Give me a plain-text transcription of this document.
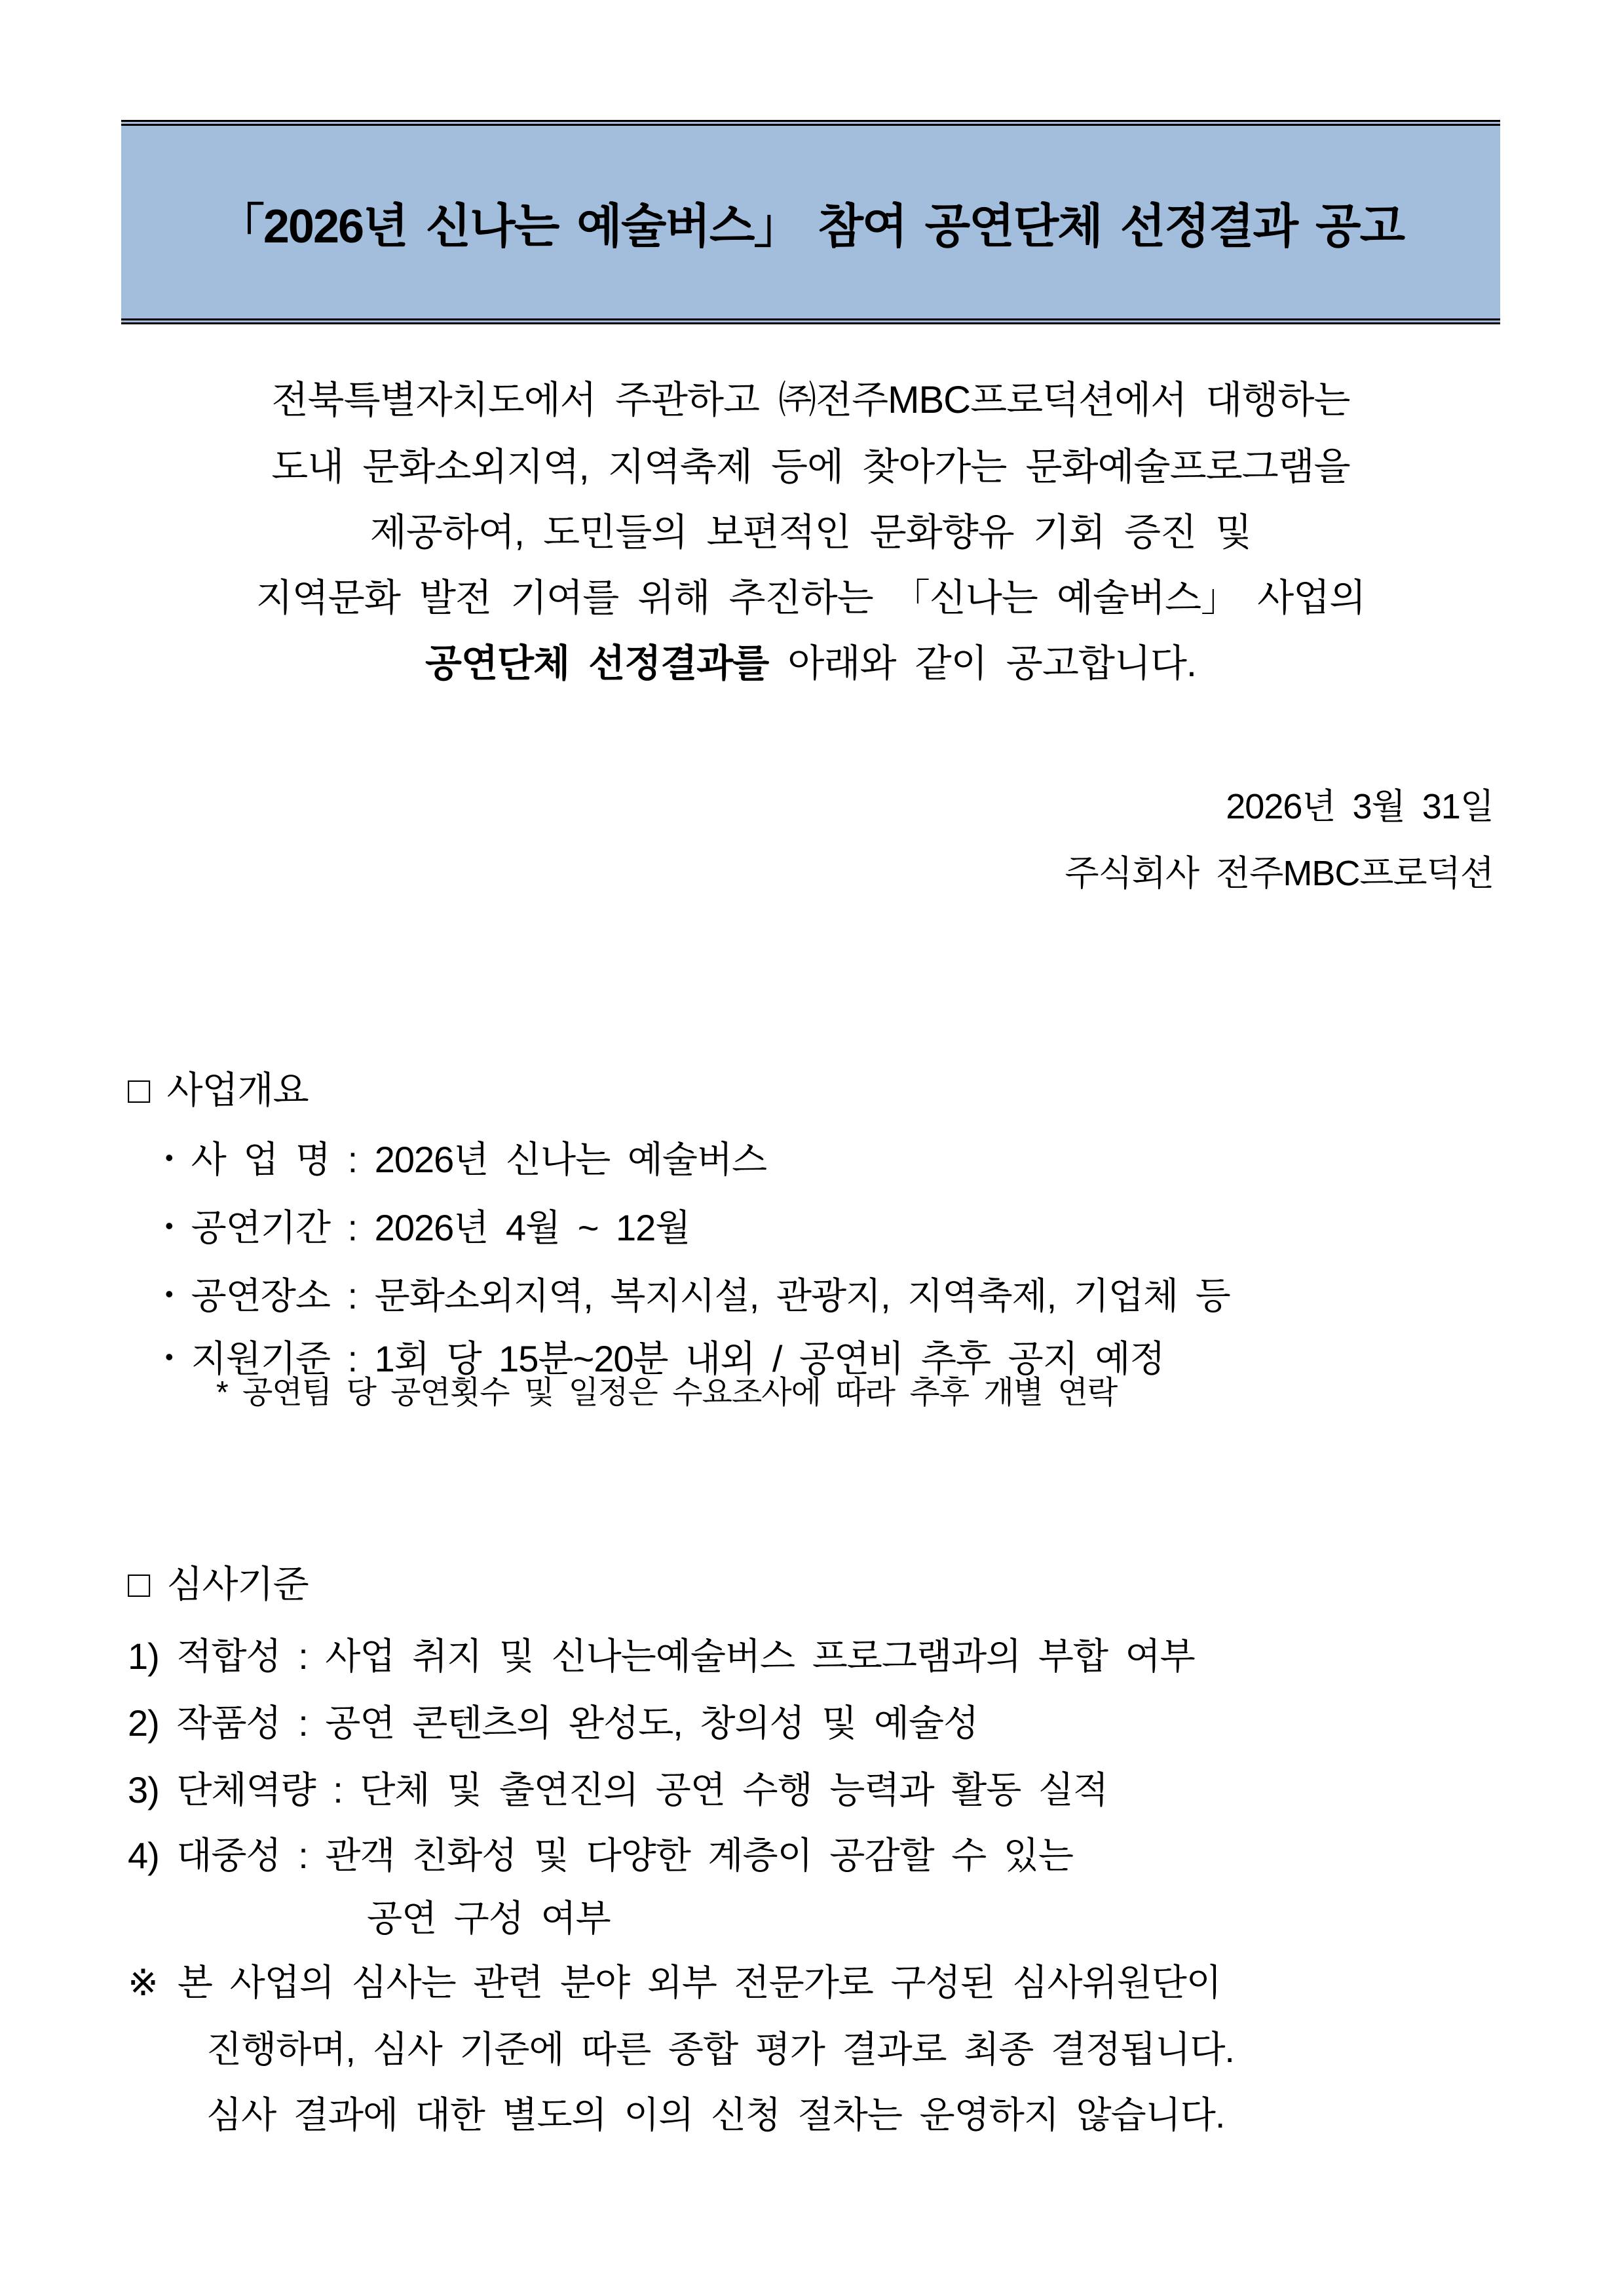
「2026년 신나는 예술버스」 참여 공연단체 선정결과 공고

전북특별자치도에서 주관하고 ㈜전주MBC프로덕션에서 대행하는

도내 문화소외지역, 지역축제 등에 찾아가는 문화예술프로그램을

제공하여, 도민들의 보편적인 문화향유 기회 증진 및

지역문화 발전 기여를 위해 추진하는 「신나는 예술버스」 사업의

공연단체 선정결과를 아래와 같이 공고합니다.

2026년 3월 31일

주식회사 전주MBC프로덕션

□ 사업개요

• 사 업 명 : 2026년 신나는 예술버스

• 공연기간 : 2026년 4월 ~ 12월

• 공연장소 : 문화소외지역, 복지시설, 관광지, 지역축제, 기업체 등

• 지원기준 : 1회 당 15분~20분 내외 / 공연비 추후 공지 예정

* 공연팀 당 공연횟수 및 일정은 수요조사에 따라 추후 개별 연락

□ 심사기준

1) 적합성 : 사업 취지 및 신나는예술버스 프로그램과의 부합 여부

2) 작품성 : 공연 콘텐츠의 완성도, 창의성 및 예술성

3) 단체역량 : 단체 및 출연진의 공연 수행 능력과 활동 실적

4) 대중성 : 관객 친화성 및 다양한 계층이 공감할 수 있는

공연 구성 여부

※ 본 사업의 심사는 관련 분야 외부 전문가로 구성된 심사위원단이

진행하며, 심사 기준에 따른 종합 평가 결과로 최종 결정됩니다.

심사 결과에 대한 별도의 이의 신청 절차는 운영하지 않습니다.
